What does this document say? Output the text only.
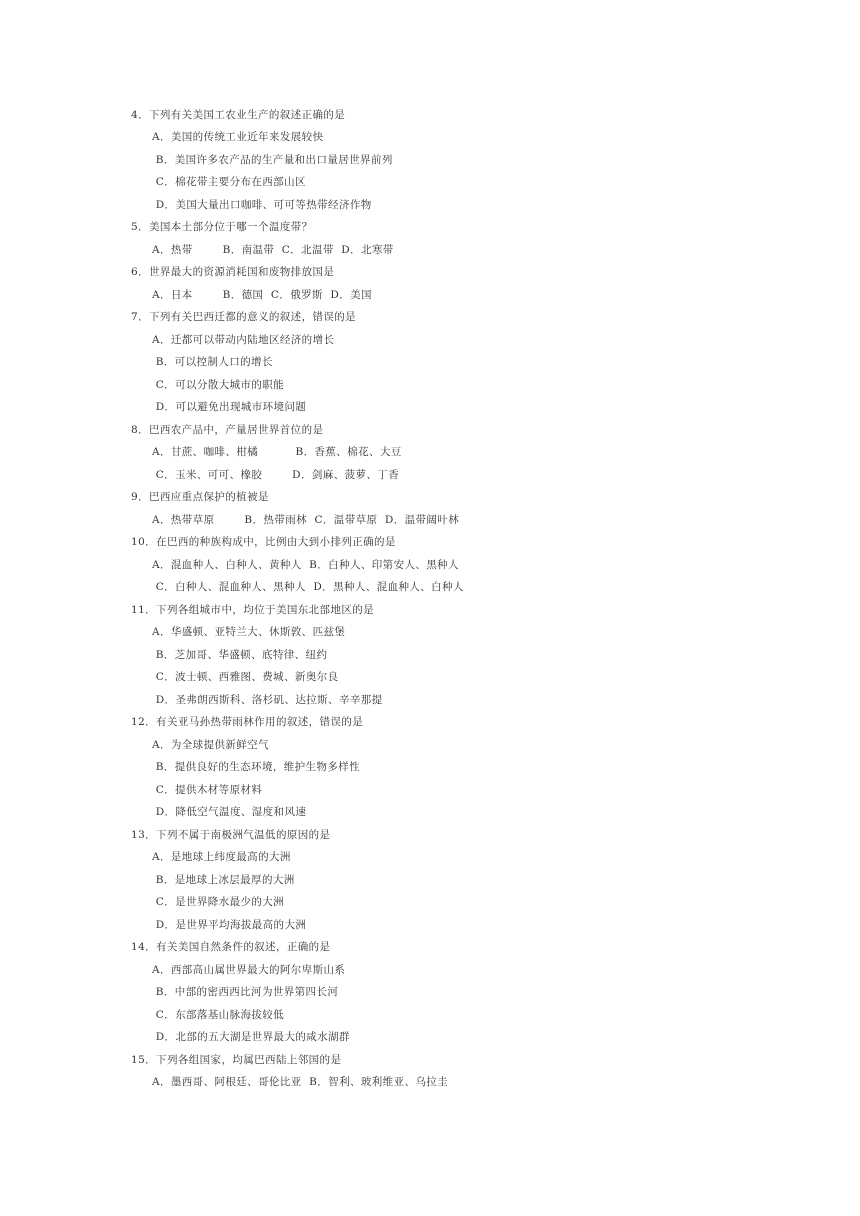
4．下列有关美国工农业生产的叙述正确的是
A．美国的传统工业近年来发展较快
B．美国许多农产品的生产量和出口量居世界前列
C．棉花带主要分布在西部山区
D．美国大量出口咖啡、可可等热带经济作物
5．美国本土部分位于哪一个温度带？
A．热带        B．南温带  C．北温带  D．北寒带
6．世界最大的资源消耗国和废物排放国是
A．日本        B．德国  C．俄罗斯  D．美国
7．下列有关巴西迁都的意义的叙述，错误的是
A．迁都可以带动内陆地区经济的增长
B．可以控制人口的增长
C．可以分散大城市的职能
D．可以避免出现城市环境问题
8．巴西农产品中，产量居世界首位的是
A．甘蔗、咖啡、柑橘          B．香蕉、棉花、大豆
C．玉米、可可、橡胶        D．剑麻、菠萝、丁香
9．巴西应重点保护的植被是
A．热带草原        B．热带雨林  C．温带草原  D．温带阔叶林
10．在巴西的种族构成中，比例由大到小排列正确的是
A．混血种人、白种人、黄种人  B．白种人、印第安人、黑种人
C．白种人、混血种人、黑种人  D．黑种人、混血种人、白种人
11．下列各组城市中，均位于美国东北部地区的是
A．华盛顿、亚特兰大、休斯敦、匹兹堡
B．芝加哥、华盛顿、底特律、纽约
C．波士顿、西雅图、费城、新奥尔良
D．圣弗朗西斯科、洛杉矶、达拉斯、辛辛那提
12．有关亚马孙热带雨林作用的叙述，错误的是
A．为全球提供新鲜空气
B．提供良好的生态环境，维护生物多样性
C．提供木材等原材料
D．降低空气温度、湿度和风速
13．下列不属于南极洲气温低的原因的是
A．是地球上纬度最高的大洲
B．是地球上冰层最厚的大洲
C．是世界降水最少的大洲
D．是世界平均海拔最高的大洲
14．有关美国自然条件的叙述，正确的是
A．西部高山属世界最大的阿尔卑斯山系
B．中部的密西西比河为世界第四长河
C．东部落基山脉海拔较低
D．北部的五大湖是世界最大的咸水湖群
15．下列各组国家，均属巴西陆上邻国的是
A．墨西哥、阿根廷、哥伦比亚  B．智利、玻利维亚、乌拉圭
